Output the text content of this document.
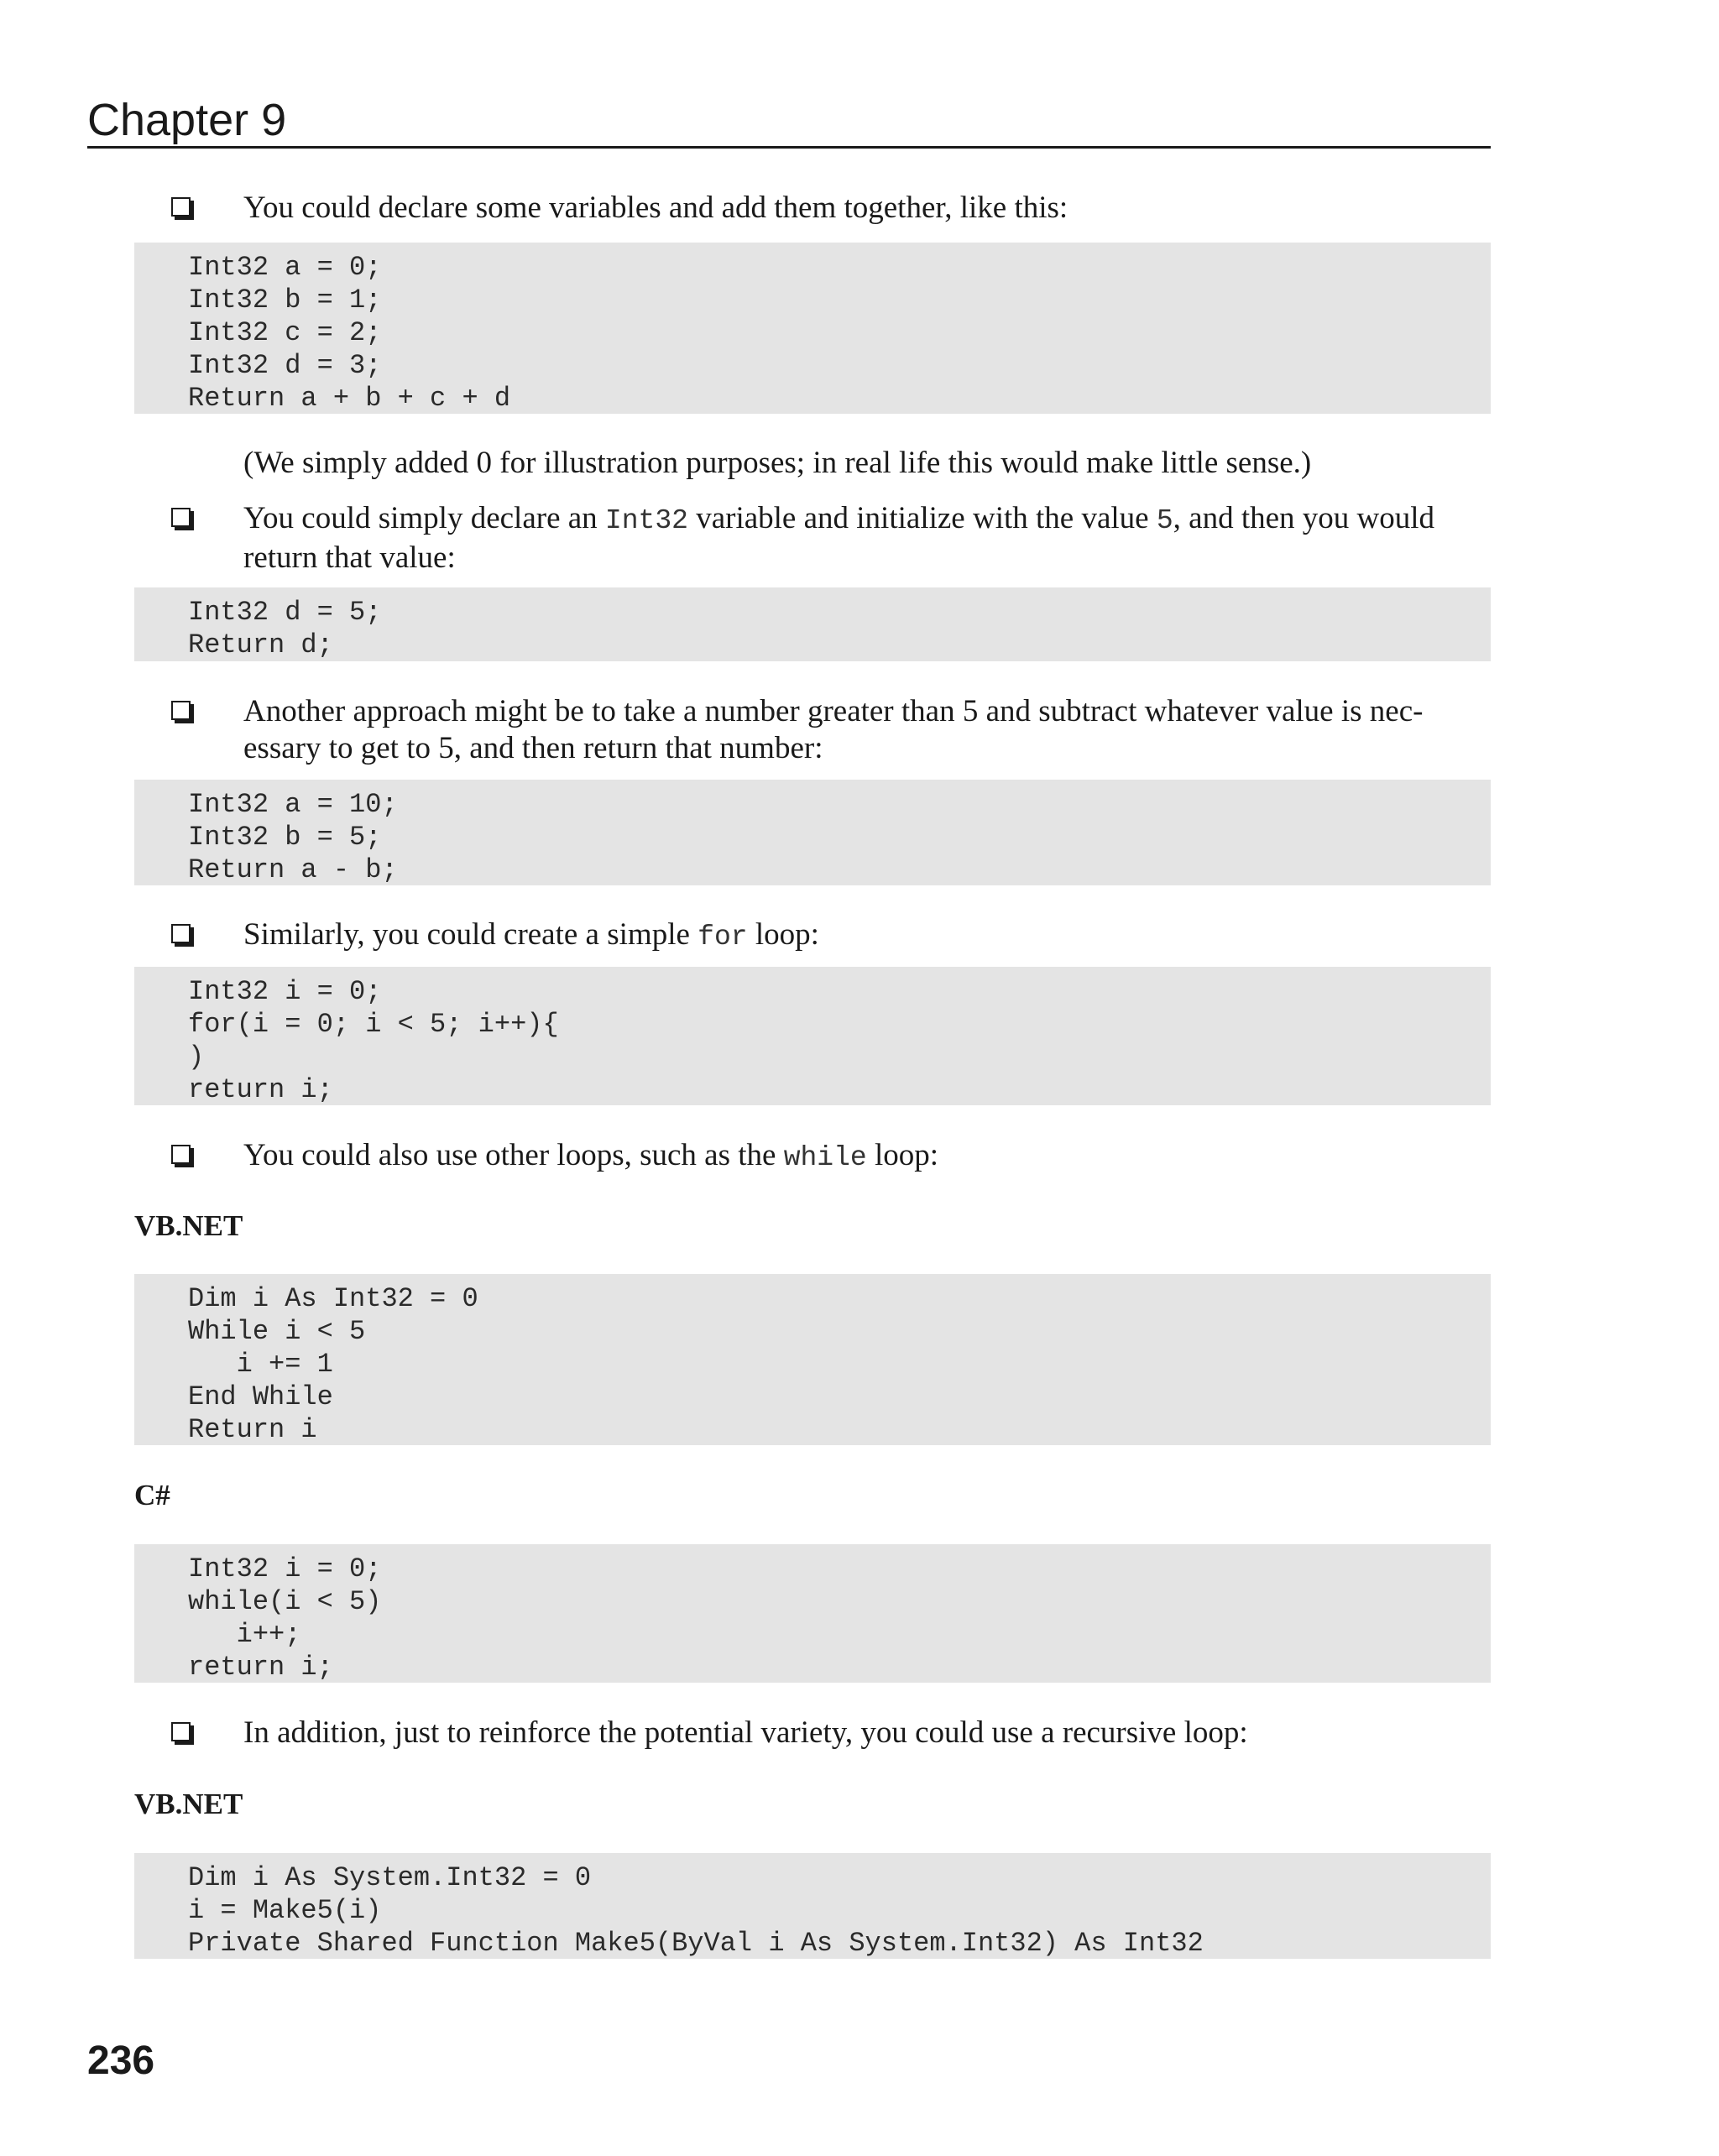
Chapter 9
You could declare some variables and add them together, like this:
Int32 a = 0;
Int32 b = 1;
Int32 c = 2;
Int32 d = 3;
Return a + b + c + d
(We simply added 0 for illustration purposes; in real life this would make little sense.)
You could simply declare an Int32 variable and initialize with the value 5, and then you would return that value:
Int32 d = 5;
Return d;
Another approach might be to take a number greater than 5 and subtract whatever value is nec-essary to get to 5, and then return that number:
Int32 a = 10;
Int32 b = 5;
Return a - b;
Similarly, you could create a simple for loop:
Int32 i = 0;
for(i = 0; i < 5; i++){
)
return i;
You could also use other loops, such as the while loop:
VB.NET
Dim i As Int32 = 0
While i < 5
i += 1
End While
Return i
C#
Int32 i = 0;
while(i < 5)
i++;
return i;
In addition, just to reinforce the potential variety, you could use a recursive loop:
VB.NET
Dim i As System.Int32 = 0
i = Make5(i)
Private Shared Function Make5(ByVal i As System.Int32) As Int32
236
